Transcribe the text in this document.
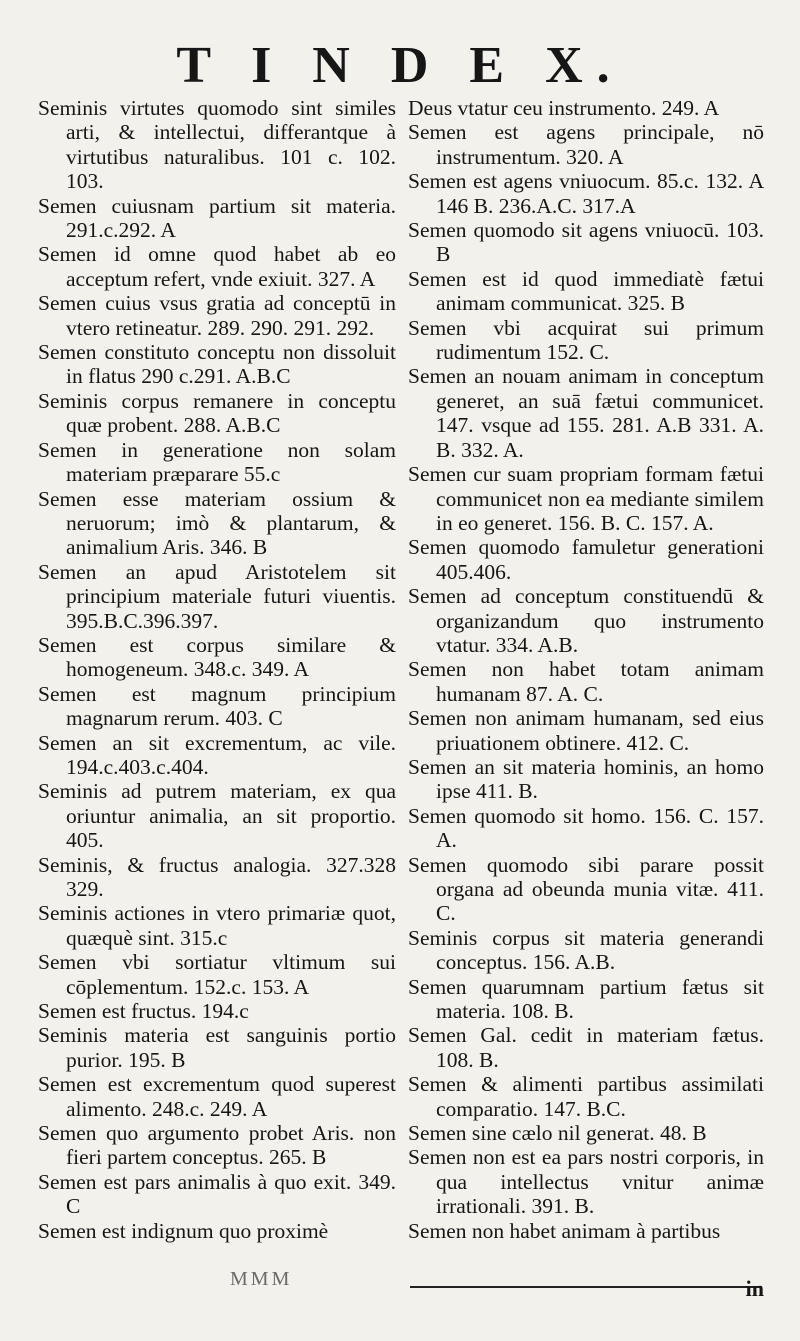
T I N D E X.

Seminis virtutes quomodo sint similes arti, & intellectui, differantque à virtutibus naturalibus. 101 c. 102. 103.

Semen cuiusnam partium sit materia. 291.c.292. A

Semen id omne quod habet ab eo acceptum refert, vnde exiuit. 327. A

Semen cuius vsus gratia ad conceptū in vtero retineatur. 289. 290. 291. 292.

Semen constituto conceptu non dissoluit in flatus 290 c.291. A.B.C

Seminis corpus remanere in conceptu quæ probent. 288. A.B.C

Semen in generatione non solam materiam præparare 55.c

Semen esse materiam ossium & neruorum; imò & plantarum, & animalium Aris. 346. B

Semen an apud Aristotelem sit principium materiale futuri viuentis. 395.B.C.396.397.

Semen est corpus similare & homogeneum. 348.c. 349. A

Semen est magnum principium magnarum rerum. 403. C

Semen an sit excrementum, ac vile. 194.c.403.c.404.

Seminis ad putrem materiam, ex qua oriuntur animalia, an sit proportio. 405.

Seminis, & fructus analogia. 327.328 329.

Seminis actiones in vtero primariæ quot, quæquè sint. 315.c

Semen vbi sortiatur vltimum sui cōplementum. 152.c. 153. A

Semen est fructus. 194.c

Seminis materia est sanguinis portio purior. 195. B

Semen est excrementum quod superest alimento. 248.c. 249. A

Semen quo argumento probet Aris. non fieri partem conceptus. 265. B

Semen est pars animalis à quo exit. 349. C

Semen est indignum quo proximè

Deus vtatur ceu instrumento. 249. A

Semen est agens principale, nō instrumentum. 320. A

Semen est agens vniuocum. 85.c. 132. A 146 B. 236.A.C. 317.A

Semen quomodo sit agens vniuocū. 103. B

Semen est id quod immediatè fætui animam communicat. 325. B

Semen vbi acquirat sui primum rudimentum 152. C.

Semen an nouam animam in conceptum generet, an suā fætui communicet. 147. vsque ad 155. 281. A.B 331. A. B. 332. A.

Semen cur suam propriam formam fætui communicet non ea mediante similem in eo generet. 156. B. C. 157. A.

Semen quomodo famuletur generationi 405.406.

Semen ad conceptum constituendū & organizandum quo instrumento vtatur. 334. A.B.

Semen non habet totam animam humanam 87. A. C.

Semen non animam humanam, sed eius priuationem obtinere. 412. C.

Semen an sit materia hominis, an homo ipse 411. B.

Semen quomodo sit homo. 156. C. 157. A.

Semen quomodo sibi parare possit organa ad obeunda munia vitæ. 411. C.

Seminis corpus sit materia generandi conceptus. 156. A.B.

Semen quarumnam partium fætus sit materia. 108. B.

Semen Gal. cedit in materiam fætus. 108. B.

Semen & alimenti partibus assimilati comparatio. 147. B.C.

Semen sine cælo nil generat. 48. B

Semen non est ea pars nostri corporis, in qua intellectus vnitur animæ irrationali. 391. B.

Semen non habet animam à partibus

MMM	in
